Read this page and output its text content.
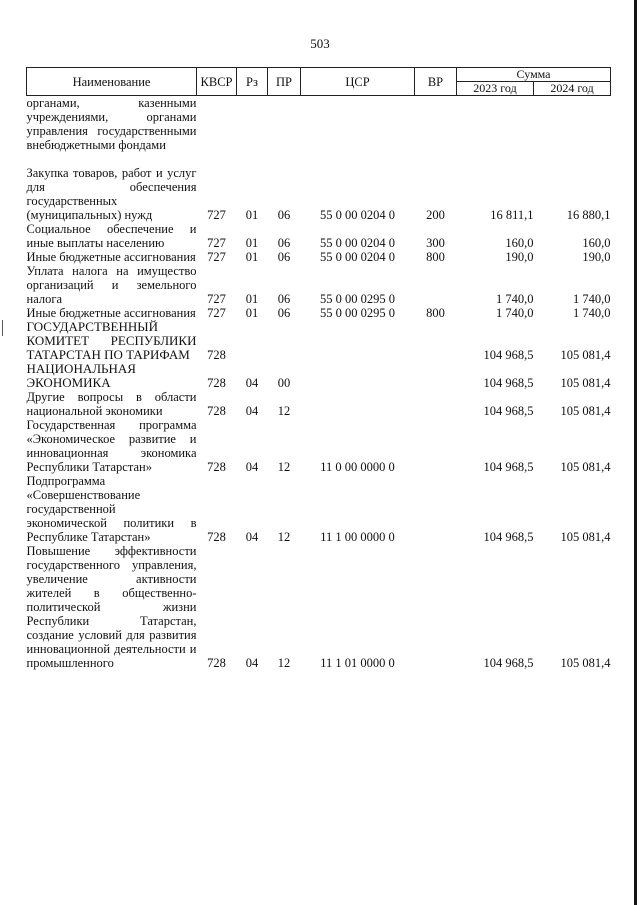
503
Наименование	КВСР	Рз	ПР	ЦСР	ВР	Сумма	
						2023 год	2024 год
органами, казенными учреждениями, органами управления государственными внебюджетными фондами							
Закупка товаров, работ и услуг для обеспечения государственных (муниципальных) нужд	727	01	06	55 0 00 0204 0	200	16 811,1	16 880,1
Социальное обеспечение и иные выплаты населению	727	01	06	55 0 00 0204 0	300	160,0	160,0
Иные бюджетные ассигнования	727	01	06	55 0 00 0204 0	800	190,0	190,0
Уплата налога на имущество организаций и земельного налога	727	01	06	55 0 00 0295 0		1 740,0	1 740,0
Иные бюджетные ассигнования	727	01	06	55 0 00 0295 0	800	1 740,0	1 740,0
ГОСУДАРСТВЕННЫЙ КОМИТЕТ РЕСПУБЛИКИ ТАТАРСТАН ПО ТАРИФАМ	728					104 968,5	105 081,4
НАЦИОНАЛЬНАЯ ЭКОНОМИКА	728	04	00			104 968,5	105 081,4
Другие вопросы в области национальной экономики	728	04	12			104 968,5	105 081,4
Государственная программа «Экономическое развитие и инновационная экономика Республики Татарстан»	728	04	12	11 0 00 0000 0		104 968,5	105 081,4
Подпрограмма «Совершенствование государственной экономической политики в Республике Татарстан»	728	04	12	11 1 00 0000 0		104 968,5	105 081,4
Повышение эффективности государственного управления, увеличение активности жителей в общественно-политической жизни Республики Татарстан, создание условий для развития инновационной деятельности и промышленного	728	04	12	11 1 01 0000 0		104 968,5	105 081,4
